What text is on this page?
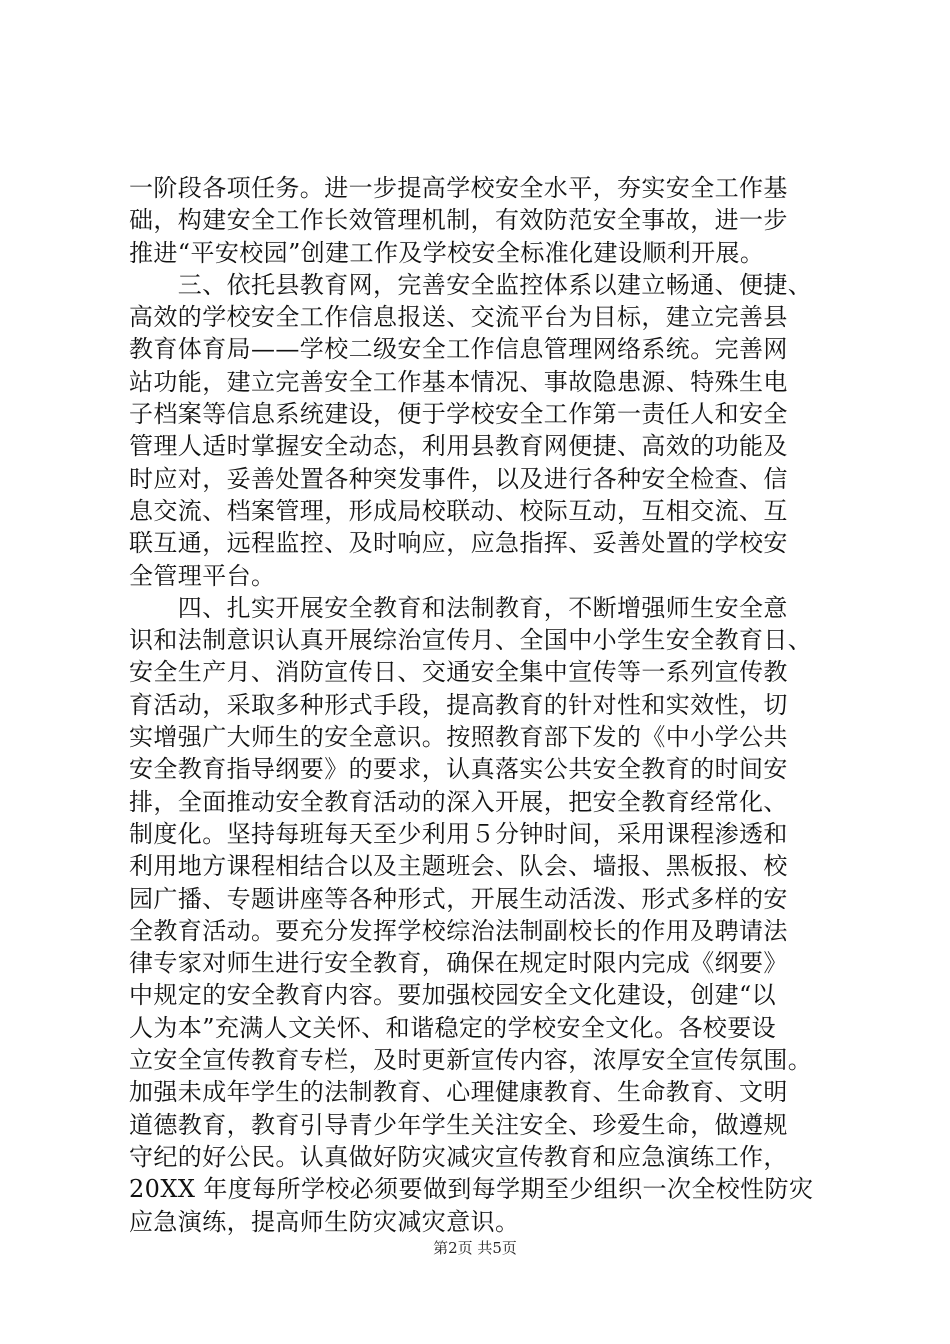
一阶段各项任务。进一步提高学校安全水平，夯实安全工作基
础，构建安全工作长效管理机制，有效防范安全事故，进一步
推进“平安校园”创建工作及学校安全标准化建设顺利开展。
　　三、依托县教育网，完善安全监控体系以建立畅通、便捷、
高效的学校安全工作信息报送、交流平台为目标，建立完善县
教育体育局——学校二级安全工作信息管理网络系统。完善网
站功能，建立完善安全工作基本情况、事故隐患源、特殊生电
子档案等信息系统建设，便于学校安全工作第一责任人和安全
管理人适时掌握安全动态，利用县教育网便捷、高效的功能及
时应对，妥善处置各种突发事件，以及进行各种安全检查、信
息交流、档案管理，形成局校联动、校际互动，互相交流、互
联互通，远程监控、及时响应，应急指挥、妥善处置的学校安
全管理平台。
　　四、扎实开展安全教育和法制教育，不断增强师生安全意
识和法制意识认真开展综治宣传月、全国中小学生安全教育日、
安全生产月、消防宣传日、交通安全集中宣传等一系列宣传教
育活动，采取多种形式手段，提高教育的针对性和实效性，切
实增强广大师生的安全意识。按照教育部下发的《中小学公共
安全教育指导纲要》的要求，认真落实公共安全教育的时间安
排，全面推动安全教育活动的深入开展，把安全教育经常化、
制度化。坚持每班每天至少利用５分钟时间，采用课程渗透和
利用地方课程相结合以及主题班会、队会、墙报、黑板报、校
园广播、专题讲座等各种形式，开展生动活泼、形式多样的安
全教育活动。要充分发挥学校综治法制副校长的作用及聘请法
律专家对师生进行安全教育，确保在规定时限内完成《纲要》
中规定的安全教育内容。要加强校园安全文化建设，创建“以
人为本”充满人文关怀、和谐稳定的学校安全文化。各校要设
立安全宣传教育专栏，及时更新宣传内容，浓厚安全宣传氛围。
加强未成年学生的法制教育、心理健康教育、生命教育、文明
道德教育，教育引导青少年学生关注安全、珍爱生命，做遵规
守纪的好公民。认真做好防灾减灾宣传教育和应急演练工作，
20XX 年度每所学校必须要做到每学期至少组织一次全校性防灾
应急演练，提高师生防灾减灾意识。
第2页 共5页
